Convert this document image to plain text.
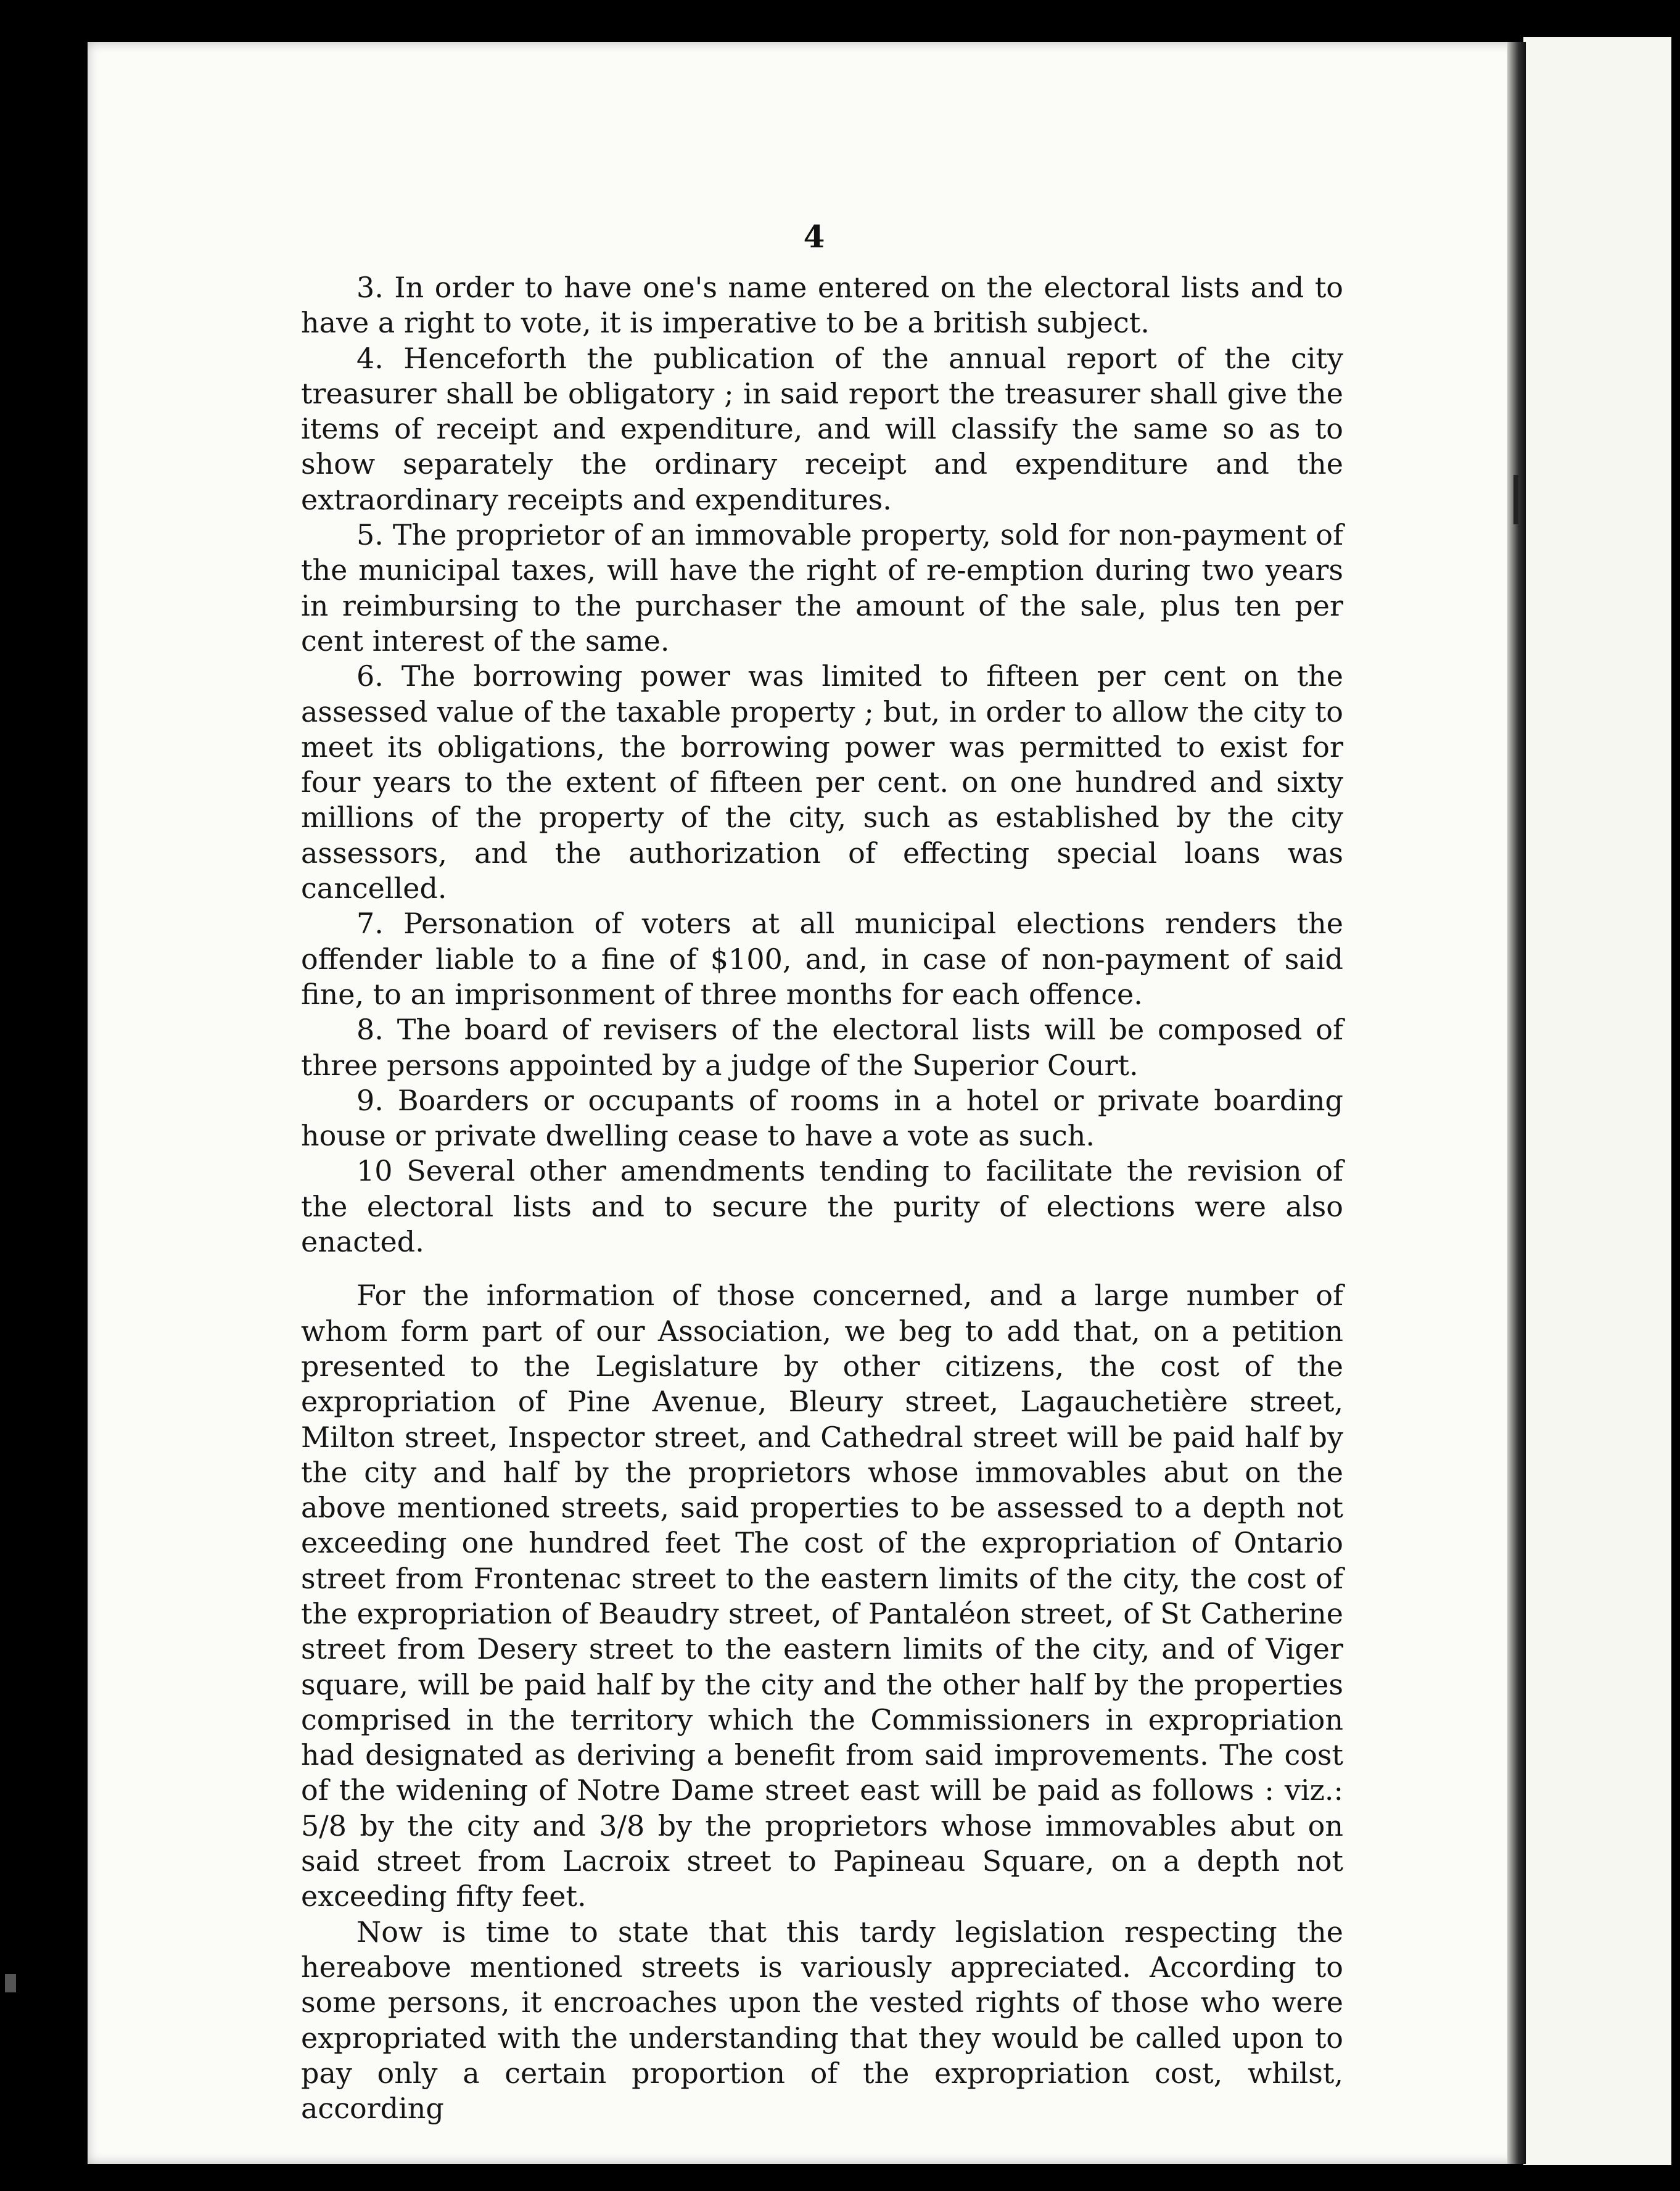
4

3. In order to have one's name entered on the electoral lists and to have a right to vote, it is imperative to be a british subject.

4. Henceforth the publication of the annual report of the city treasurer shall be obligatory ; in said report the treasurer shall give the items of receipt and expenditure, and will classify the same so as to show separately the ordinary receipt and expenditure and the extraordinary receipts and expenditures.

5. The proprietor of an immovable property, sold for non-payment of the municipal taxes, will have the right of re-emption during two years in reimbursing to the purchaser the amount of the sale, plus ten per cent interest of the same.

6. The borrowing power was limited to fifteen per cent on the assessed value of the taxable property ; but, in order to allow the city to meet its obligations, the borrowing power was permitted to exist for four years to the extent of fifteen per cent. on one hundred and sixty millions of the property of the city, such as established by the city assessors, and the authorization of effecting special loans was cancelled.

7. Personation of voters at all municipal elections renders the offender liable to a fine of $100, and, in case of non-payment of said fine, to an imprisonment of three months for each offence.

8. The board of revisers of the electoral lists will be composed of three persons appointed by a judge of the Superior Court.

9. Boarders or occupants of rooms in a hotel or private boarding house or private dwelling cease to have a vote as such.

10 Several other amendments tending to facilitate the revision of the electoral lists and to secure the purity of elections were also enacted.

For the information of those concerned, and a large number of whom form part of our Association, we beg to add that, on a petition presented to the Legislature by other citizens, the cost of the expropriation of Pine Avenue, Bleury street, Lagauchetière street, Milton street, Inspector street, and Cathedral street will be paid half by the city and half by the proprietors whose immovables abut on the above mentioned streets, said properties to be assessed to a depth not exceeding one hundred feet The cost of the expropriation of Ontario street from Frontenac street to the eastern limits of the city, the cost of the expropriation of Beaudry street, of Pantaléon street, of St Catherine street from Desery street to the eastern limits of the city, and of Viger square, will be paid half by the city and the other half by the properties comprised in the territory which the Commissioners in expropriation had designated as deriving a benefit from said improvements. The cost of the widening of Notre Dame street east will be paid as follows : viz.: 5/8 by the city and 3/8 by the proprietors whose immovables abut on said street from Lacroix street to Papineau Square, on a depth not exceeding fifty feet.

Now is time to state that this tardy legislation respecting the hereabove mentioned streets is variously appreciated. According to some persons, it encroaches upon the vested rights of those who were expropriated with the understanding that they would be called upon to pay only a certain proportion of the expropriation cost, whilst, according
